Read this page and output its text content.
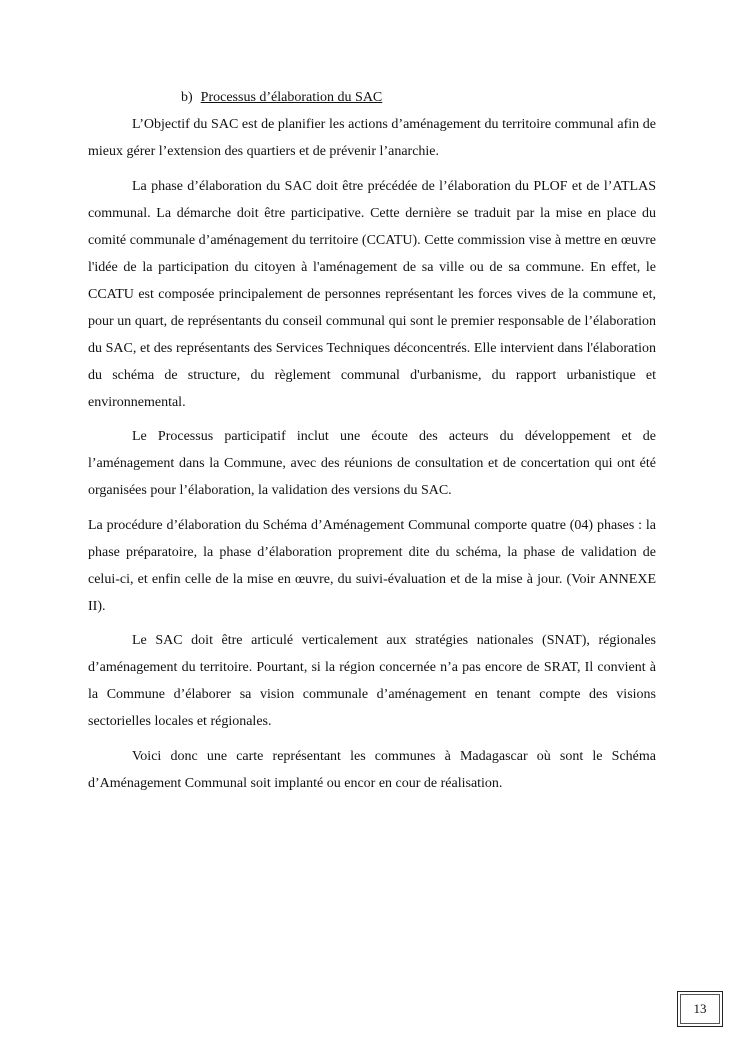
b) Processus d’élaboration du SAC

L’Objectif du SAC est de planifier les actions d’aménagement du territoire communal afin de mieux gérer l’extension des quartiers et de prévenir l’anarchie.

La phase d’élaboration du SAC doit être précédée de l’élaboration du PLOF et de l’ATLAS communal. La démarche doit être participative. Cette dernière se traduit par la mise en place du comité communale d’aménagement du territoire (CCATU). Cette commission vise à mettre en œuvre l'idée de la participation du citoyen à l'aménagement de sa ville ou de sa commune. En effet, le CCATU est composée principalement de personnes représentant les forces vives de la commune et, pour un quart, de représentants du conseil communal qui sont le premier responsable de l’élaboration du SAC, et des représentants des Services Techniques déconcentrés. Elle intervient dans l'élaboration du schéma de structure, du règlement communal d'urbanisme, du rapport urbanistique et environnemental.

Le Processus participatif inclut une écoute des acteurs du développement et de l’aménagement dans la Commune, avec des réunions de consultation et de concertation qui ont été organisées pour l’élaboration, la validation des versions du SAC.

La procédure d’élaboration du Schéma d’Aménagement Communal comporte quatre (04) phases : la phase préparatoire, la phase d’élaboration proprement dite du schéma, la phase de validation de celui-ci, et enfin celle de la mise en œuvre, du suivi-évaluation et de la mise à jour. (Voir ANNEXE II).

Le SAC doit être articulé verticalement aux stratégies nationales (SNAT), régionales d’aménagement du territoire. Pourtant, si la région concernée n’a pas encore de SRAT, Il convient à la Commune d’élaborer sa vision communale d’aménagement en tenant compte des visions sectorielles locales et régionales.

Voici donc une carte représentant les communes à Madagascar où sont le Schéma d’Aménagement Communal soit implanté ou encor en cour de réalisation.

13
